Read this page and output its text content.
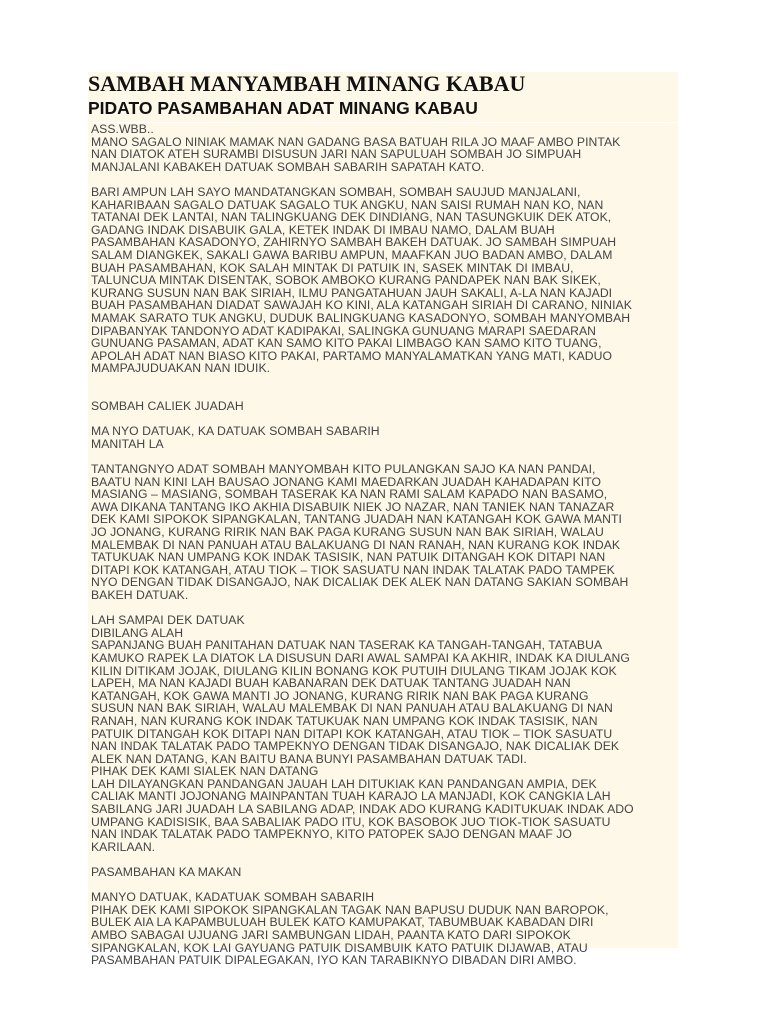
SAMBAH MANYAMBAH MINANG KABAU
PIDATO PASAMBAHAN ADAT MINANG KABAU
ASS.WBB..
MANO SAGALO NINIAK MAMAK NAN GADANG BASA BATUAH RILA JO MAAF AMBO PINTAK
NAN DIATOK ATEH SURAMBI DISUSUN JARI NAN SAPULUAH SOMBAH JO SIMPUAH
MANJALANI KABAKEH DATUAK SOMBAH SABARIH SAPATAH KATO.
BARI AMPUN LAH SAYO MANDATANGKAN SOMBAH, SOMBAH SAUJUD MANJALANI,
KAHARIBAAN SAGALO DATUAK SAGALO TUK ANGKU, NAN SAISI RUMAH NAN KO, NAN
TATANAI DEK LANTAI, NAN TALINGKUANG DEK DINDIANG, NAN TASUNGKUIK DEK ATOK,
GADANG INDAK DISABUIK GALA, KETEK INDAK DI IMBAU NAMO, DALAM BUAH
PASAMBAHAN KASADONYO, ZAHIRNYO SAMBAH BAKEH DATUAK. JO SAMBAH SIMPUAH
SALAM DIANGKEK, SAKALI GAWA BARIBU AMPUN, MAAFKAN JUO BADAN AMBO, DALAM
BUAH PASAMBAHAN, KOK SALAH MINTAK DI PATUIK IN, SASEK MINTAK DI IMBAU,
TALUNCUA MINTAK DISENTAK, SOBOK AMBOKO KURANG PANDAPEK NAN BAK SIKEK,
KURANG SUSUN NAN BAK SIRIAH, ILMU PANGATAHUAN JAUH SAKALI, A-LA NAN KAJADI
BUAH PASAMBAHAN DIADAT SAWAJAH KO KINI, ALA KATANGAH SIRIAH DI CARANO, NINIAK
MAMAK SARATO TUK ANGKU, DUDUK BALINGKUANG KASADONYO, SOMBAH MANYOMBAH
DIPABANYAK TANDONYO ADAT KADIPAKAI, SALINGKA GUNUANG MARAPI SAEDARAN
GUNUANG PASAMAN, ADAT KAN SAMO KITO PAKAI LIMBAGO KAN SAMO KITO TUANG,
APOLAH ADAT NAN BIASO KITO PAKAI, PARTAMO MANYALAMATKAN YANG MATI, KADUO
MAMPAJUDUAKAN NAN IDUIK.
SOMBAH CALIEK JUADAH
MA NYO DATUAK, KA DATUAK SOMBAH SABARIH
MANITAH LA
TANTANGNYO ADAT SOMBAH MANYOMBAH KITO PULANGKAN SAJO KA NAN PANDAI,
BAATU NAN KINI LAH BAUSAO JONANG KAMI MAEDARKAN JUADAH KAHADAPAN KITO
MASIANG – MASIANG, SOMBAH TASERAK KA NAN RAMI SALAM KAPADO NAN BASAMO,
AWA DIKANA TANTANG IKO AKHIA DISABUIK NIEK JO NAZAR, NAN TANIEK NAN TANAZAR
DEK KAMI SIPOKOK SIPANGKALAN, TANTANG JUADAH NAN KATANGAH KOK GAWA MANTI
JO JONANG, KURANG RIRIK NAN BAK PAGA KURANG SUSUN NAN BAK SIRIAH, WALAU
MALEMBAK DI NAN PANUAH ATAU BALAKUANG DI NAN RANAH, NAN KURANG KOK INDAK
TATUKUAK NAN UMPANG KOK INDAK TASISIK, NAN PATUIK DITANGAH KOK DITAPI NAN
DITAPI KOK KATANGAH, ATAU TIOK – TIOK SASUATU NAN INDAK TALATAK PADO TAMPEK
NYO DENGAN TIDAK DISANGAJO, NAK DICALIAK DEK ALEK NAN DATANG SAKIAN SOMBAH
BAKEH DATUAK.
LAH SAMPAI DEK DATUAK
DIBILANG ALAH
SAPANJANG BUAH PANITAHAN DATUAK NAN TASERAK KA TANGAH-TANGAH, TATABUA
KAMUKO RAPEK LA DIATOK LA DISUSUN DARI AWAL SAMPAI KA AKHIR, INDAK KA DIULANG
KILIN DITIKAM JOJAK, DIULANG KILIN BONANG KOK PUTUIH DIULANG TIKAM JOJAK KOK
LAPEH, MA NAN KAJADI BUAH KABANARAN DEK DATUAK TANTANG JUADAH NAN
KATANGAH, KOK GAWA MANTI JO JONANG, KURANG RIRIK NAN BAK PAGA KURANG
SUSUN NAN BAK SIRIAH, WALAU MALEMBAK DI NAN PANUAH ATAU BALAKUANG DI NAN
RANAH, NAN KURANG KOK INDAK TATUKUAK NAN UMPANG KOK INDAK TASISIK, NAN
PATUIK DITANGAH KOK DITAPI NAN DITAPI KOK KATANGAH, ATAU TIOK – TIOK SASUATU
NAN INDAK TALATAK PADO TAMPEKNYO DENGAN TIDAK DISANGAJO, NAK DICALIAK DEK
ALEK NAN DATANG, KAN BAITU BANA BUNYI PASAMBAHAN DATUAK TADI.
PIHAK DEK KAMI SIALEK NAN DATANG
LAH DILAYANGKAN PANDANGAN JAUAH LAH DITUKIAK KAN PANDANGAN AMPIA, DEK
CALIAK MANTI JOJONANG MAINPANTAN TUAH KARAJO LA MANJADI, KOK CANGKIA LAH
SABILANG JARI JUADAH LA SABILANG ADAP, INDAK ADO KURANG KADITUKUAK INDAK ADO
UMPANG KADISISIK, BAA SABALIAK PADO ITU, KOK BASOBOK JUO TIOK-TIOK SASUATU
NAN INDAK TALATAK PADO TAMPEKNYO, KITO PATOPEK SAJO DENGAN MAAF JO
KARILAAN.
PASAMBAHAN KA MAKAN
MANYO DATUAK, KADATUAK SOMBAH SABARIH
PIHAK DEK KAMI SIPOKOK SIPANGKALAN TAGAK NAN BAPUSU DUDUK NAN BAROPOK,
BULEK AIA LA KAPAMBULUAH BULEK KATO KAMUPAKAT, TABUMBUAK KABADAN DIRI
AMBO SABAGAI UJUANG JARI SAMBUNGAN LIDAH, PAANTA KATO DARI SIPOKOK
SIPANGKALAN, KOK LAI GAYUANG PATUIK DISAMBUIK KATO PATUIK DIJAWAB, ATAU
PASAMBAHAN PATUIK DIPALEGAKAN, IYO KAN TARABIKNYO DIBADAN DIRI AMBO.
